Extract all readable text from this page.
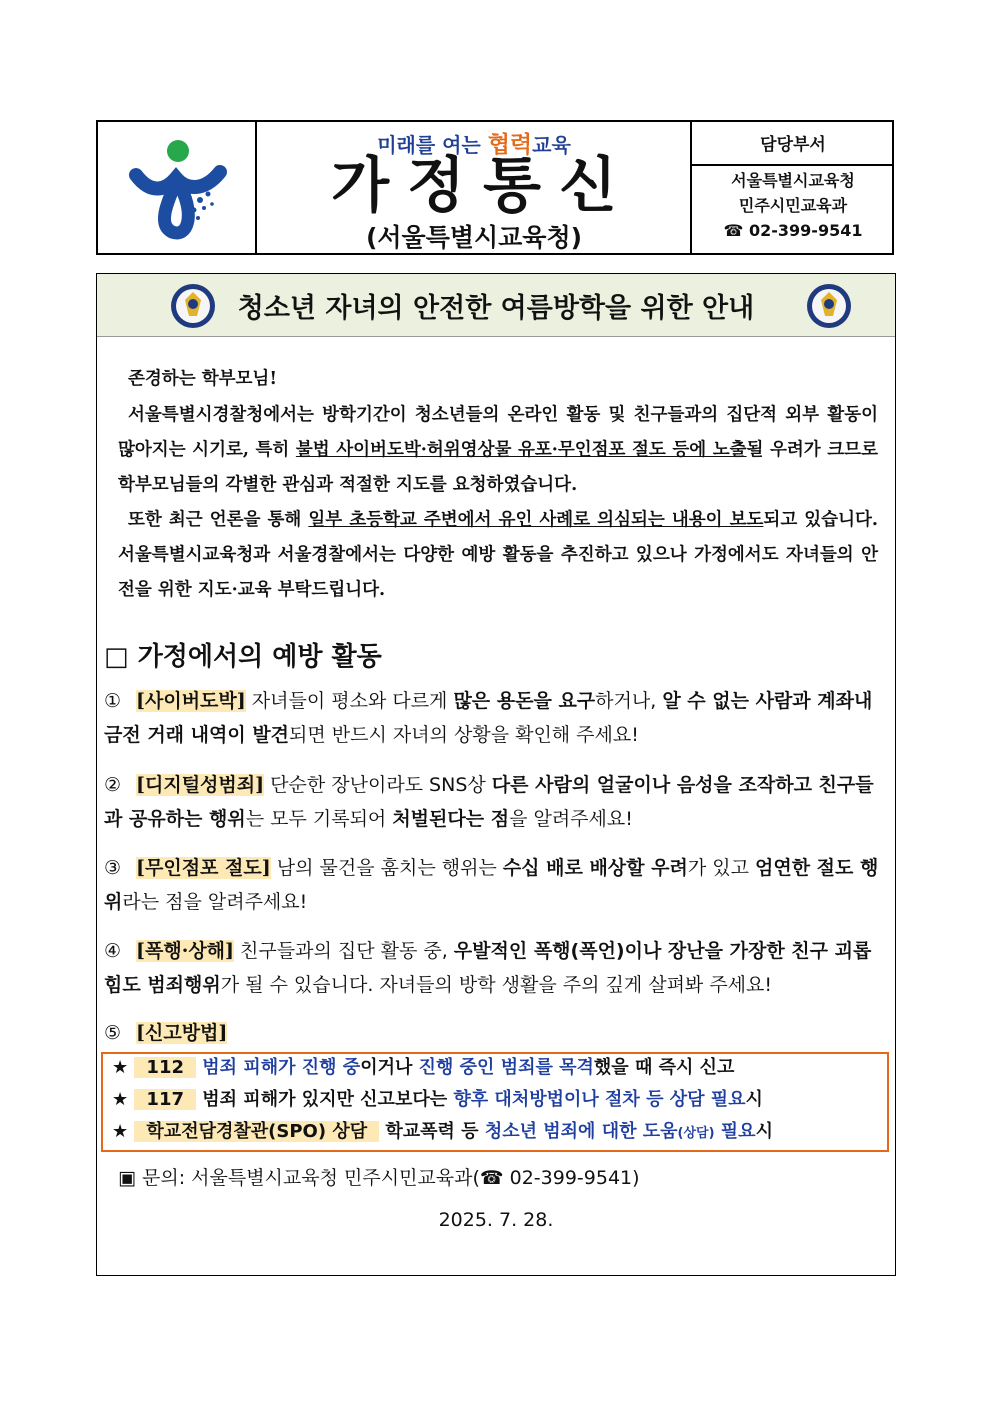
미래를 여는 협력교육
가정통신
(서울특별시교육청)
담당부서
서울특별시교육청
민주시민교육과
☎ 02-399-9541
청소년 자녀의 안전한 여름방학을 위한 안내
존경하는 학부모님!
서울특별시경찰청에서는 방학기간이 청소년들의 온라인 활동 및 친구들과의 집단적 외부 활동이 많아지는 시기로, 특히 불법 사이버도박·허위영상물 유포·무인점포 절도 등에 노출될 우려가 크므로 학부모님들의 각별한 관심과 적절한 지도를 요청하였습니다.
또한 최근 언론을 통해 일부 초등학교 주변에서 유인 사례로 의심되는 내용이 보도되고 있습니다. 서울특별시교육청과 서울경찰에서는 다양한 예방 활동을 추진하고 있으나 가정에서도 자녀들의 안전을 위한 지도·교육 부탁드립니다.
□ 가정에서의 예방 활동
① [사이버도박] 자녀들이 평소와 다르게 많은 용돈을 요구하거나, 알 수 없는 사람과 계좌내 금전 거래 내역이 발견되면 반드시 자녀의 상황을 확인해 주세요!
② [디지털성범죄] 단순한 장난이라도 SNS상 다른 사람의 얼굴이나 음성을 조작하고 친구들과 공유하는 행위는 모두 기록되어 처벌된다는 점을 알려주세요!
③ [무인점포 절도] 남의 물건을 훔치는 행위는 수십 배로 배상할 우려가 있고 엄연한 절도 행위라는 점을 알려주세요!
④ [폭행·상해] 친구들과의 집단 활동 중, 우발적인 폭행(폭언)이나 장난을 가장한 친구 괴롭힘도 범죄행위가 될 수 있습니다. 자녀들의 방학 생활을 주의 깊게 살펴봐 주세요!
⑤ [신고방법]
★ 112 범죄 피해가 진행 중이거나 진행 중인 범죄를 목격했을 때 즉시 신고
★ 117 범죄 피해가 있지만 신고보다는 향후 대처방법이나 절차 등 상담 필요시
★ 학교전담경찰관(SPO) 상담 학교폭력 등 청소년 범죄에 대한 도움(상담) 필요시
▣ 문의: 서울특별시교육청 민주시민교육과(☎ 02-399-9541)
2025. 7. 28.
